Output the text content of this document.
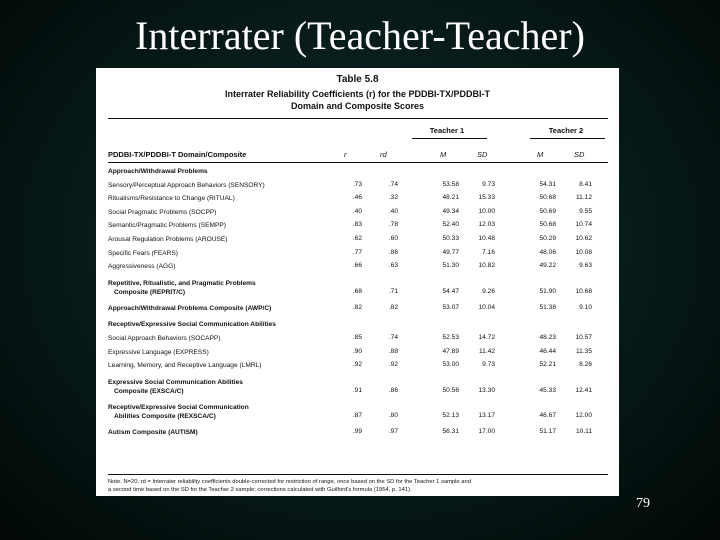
Interrater (Teacher-Teacher)
Table 5.8
Interrater Reliability Coefficients (r) for the PDDBI-TX/PDDBI-T
Domain and Composite Scores
Teacher 1	Teacher 2
PDDBI-TX/PDDBI-T Domain/Composite	r	rd	M	SD	M	SD
Approach/Withdrawal Problems
Sensory/Perceptual Approach Behaviors (SENSORY)	.73	.74	53.58	9.73	54.31	8.41
Ritualisms/Resistance to Change (RITUAL)	.46	.32	48.21	15.33	50.68	11.12
Social Pragmatic Problems (SOCPP)	.40	.40	49.34	10.00	50.69	9.55
Semantic/Pragmatic Problems (SEMPP)	.83	.78	52.40	12.03	50.68	10.74
Arousal Regulation Problems (AROUSE)	.62	.60	50.33	10.48	50.29	10.62
Specific Fears (FEARS)	.77	.86	49.77	7.16	48.06	10.08
Aggressiveness (AGG)	.66	.63	51.30	10.82	49.22	9.63
Repetitive, Ritualistic, and Pragmatic Problems
Composite (REPRIT/C)	.68	.71	54.47	9.26	51.90	10.68
Approach/Withdrawal Problems Composite (AWP/C)	.82	.82	53.07	10.04	51.38	9.10
Receptive/Expressive Social Communication Abilities
Social Approach Behaviors (SOCAPP)	.85	.74	52.53	14.72	48.23	10.57
Expressive Language (EXPRESS)	.90	.88	47.89	11.42	46.44	11.35
Learning, Memory, and Receptive Language (LMRL)	.92	.92	53.00	9.73	52.21	8.26
Expressive Social Communication Abilities
Composite (EXSCA/C)	.91	.86	50.56	13.30	45.33	12.41
Receptive/Expressive Social Communication
Abilities Composite (REXSCA/C)	.87	.80	52.13	13.17	46.67	12.00
Autism Composite (AUTISM)	.99	.97	56.31	17.00	51.17	10.11
Note. N=20. rd = Interrater reliability coefficients double-corrected for restriction of range, once based on the SD for the Teacher 1 sample and
a second time based on the SD for the Teacher 2 sample; corrections calculated with Guilford's formula (1954, p. 141).
79
